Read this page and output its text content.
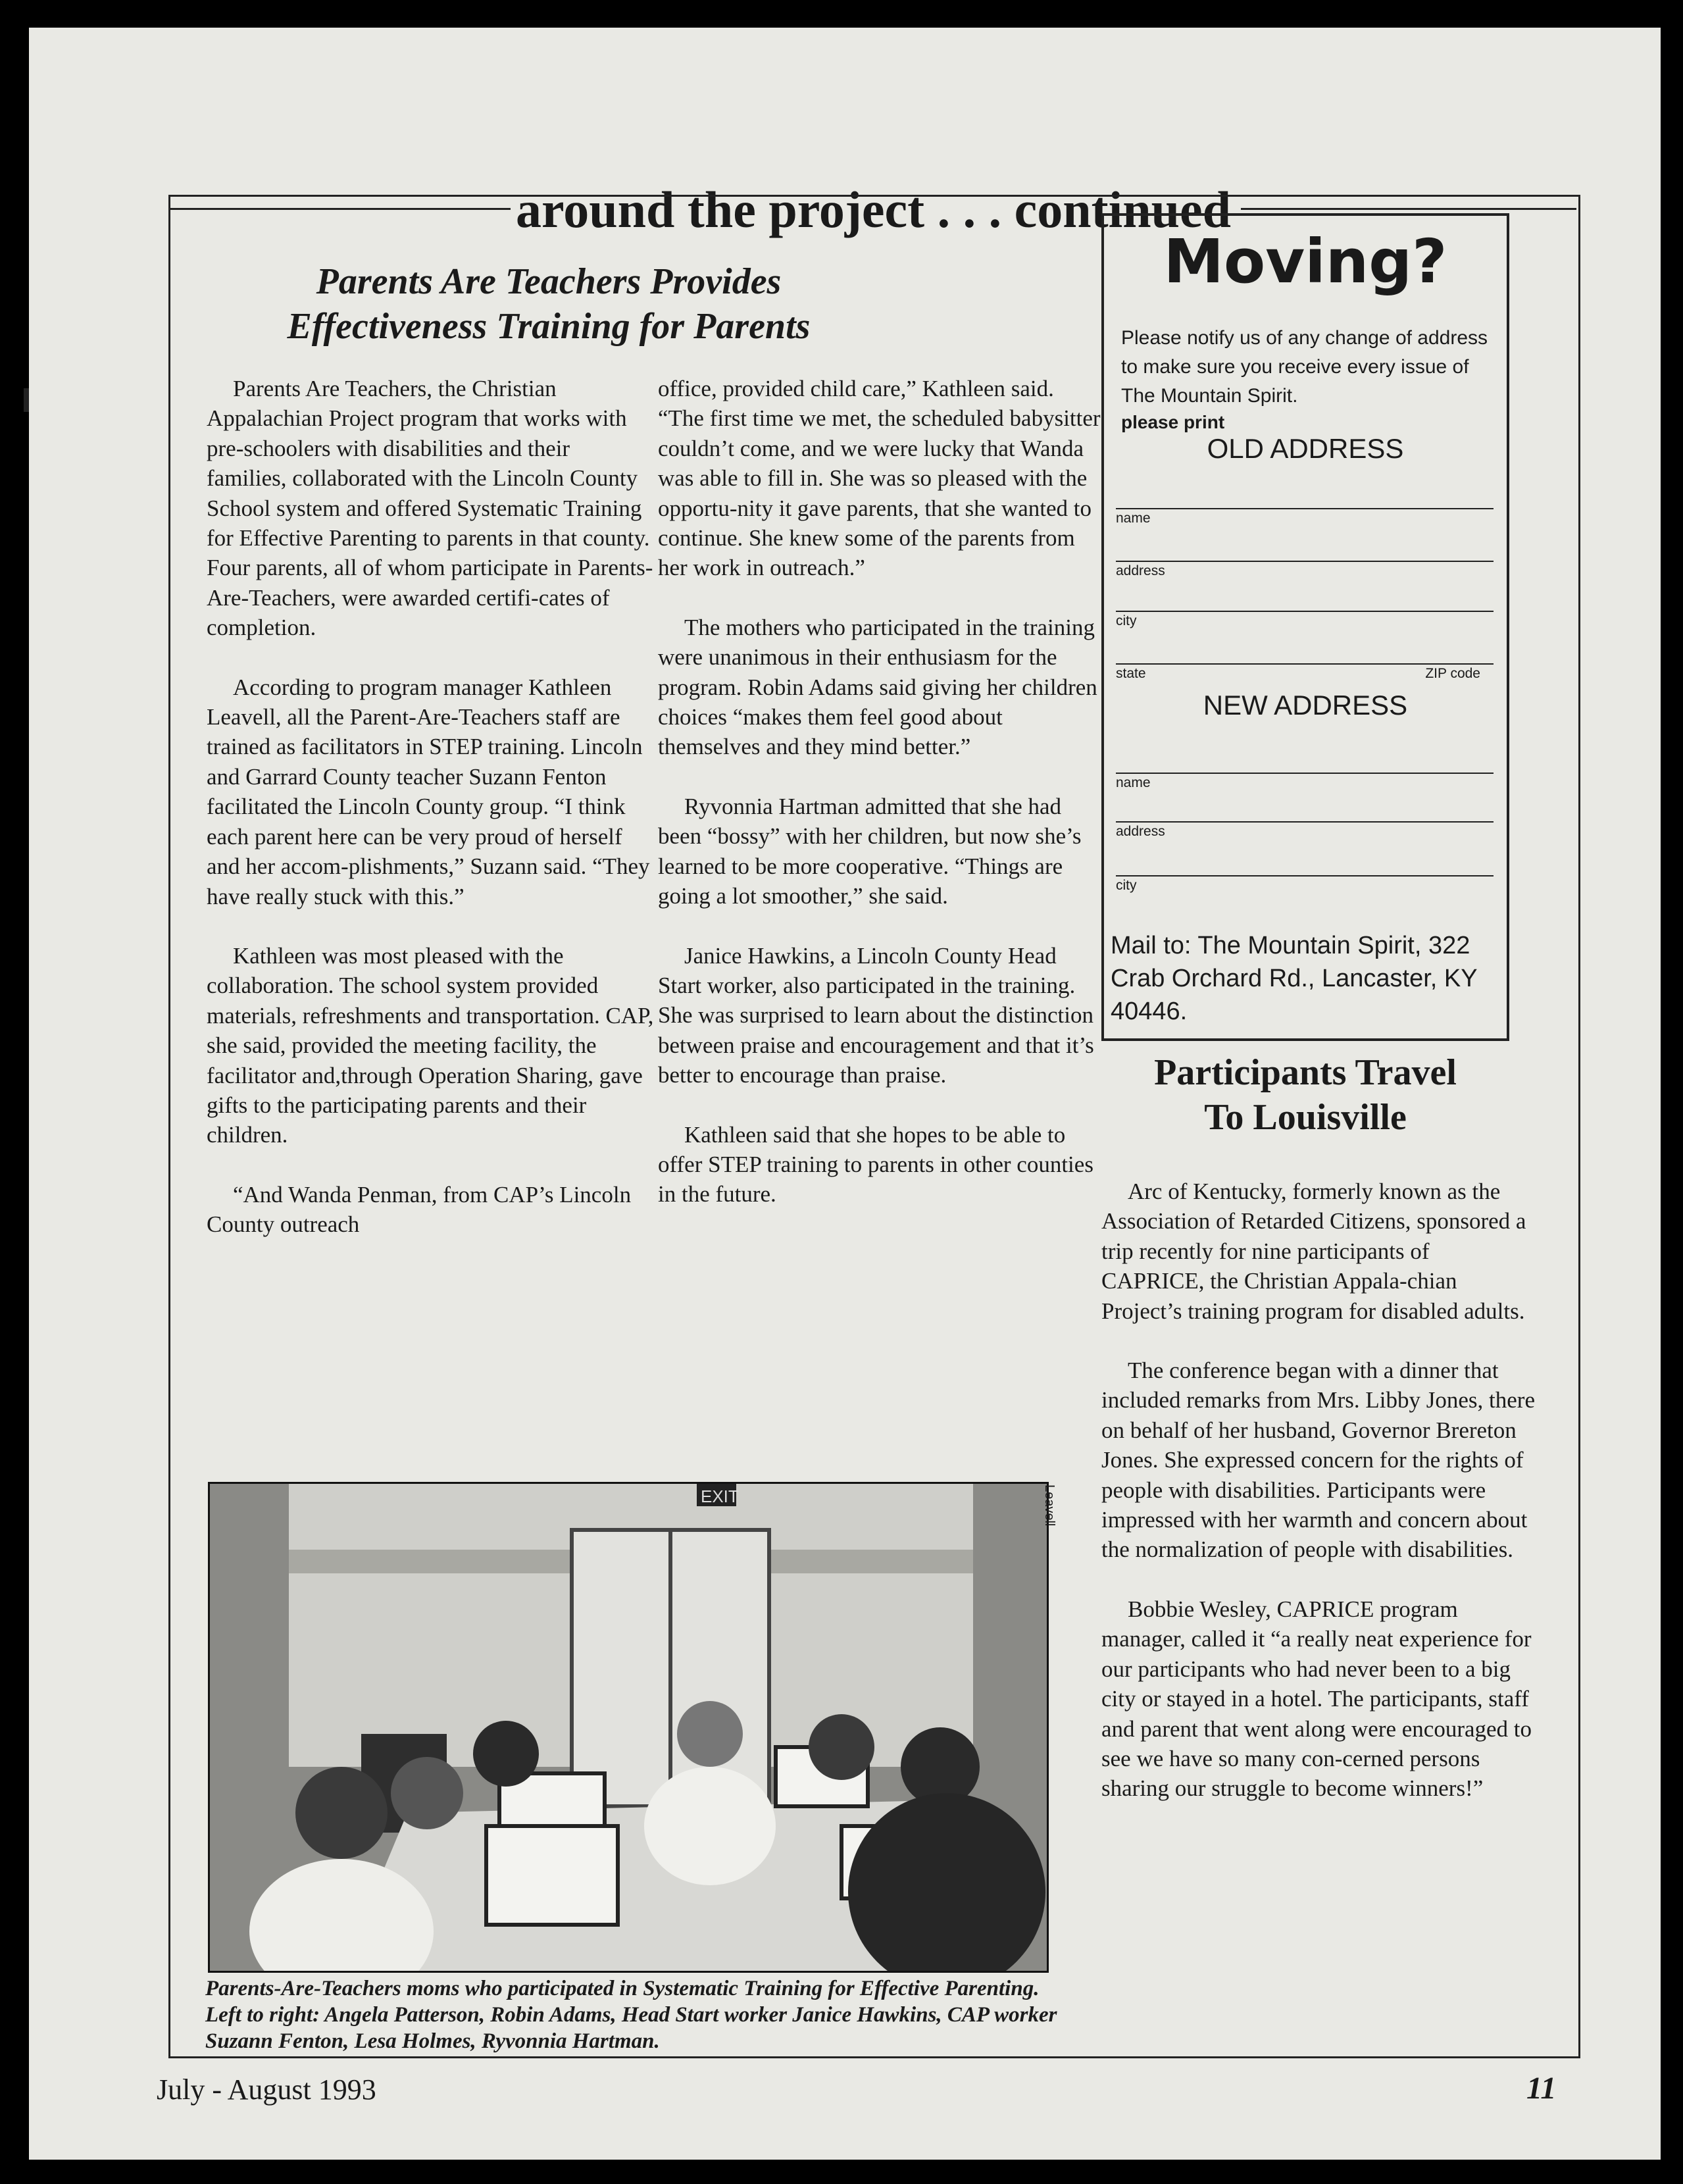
around the project . . . continued
Parents Are Teachers Provides
Effectiveness Training for Parents

Parents Are Teachers, the Christian Appalachian Project program that works with pre-schoolers with disabilities and their families, collaborated with the Lincoln County School system and offered Systematic Training for Effective Parenting to parents in that county. Four parents, all of whom participate in Parents-Are-Teachers, were awarded certifi-cates of completion.

According to program manager Kathleen Leavell, all the Parent-Are-Teachers staff are trained as facilitators in STEP training. Lincoln and Garrard County teacher Suzann Fenton facilitated the Lincoln County group. “I think each parent here can be very proud of herself and her accom-plishments,” Suzann said. “They have really stuck with this.”

Kathleen was most pleased with the collaboration. The school system provided materials, refreshments and transportation. CAP, she said, provided the meeting facility, the facilitator and,through Operation Sharing, gave gifts to the participating parents and their children.

“And Wanda Penman, from CAP’s Lincoln County outreach

office, provided child care,” Kathleen said. “The first time we met, the scheduled babysitter couldn’t come, and we were lucky that Wanda was able to fill in. She was so pleased with the opportu-nity it gave parents, that she wanted to continue. She knew some of the parents from her work in outreach.”

The mothers who participated in the training were unanimous in their enthusiasm for the program. Robin Adams said giving her children choices “makes them feel good about themselves and they mind better.”

Ryvonnia Hartman admitted that she had been “bossy” with her children, but now she’s learned to be more cooperative. “Things are going a lot smoother,” she said.

Janice Hawkins, a Lincoln County Head Start worker, also participated in the training. She was surprised to learn about the distinction between praise and encouragement and that it’s better to encourage than praise.

Kathleen said that she hopes to be able to offer STEP training to parents in other counties in the future.

Moving?
Please notify us of any change of address to make sure you receive every issue of The Mountain Spirit.
please print
OLD ADDRESS
name
address
city
state	ZIP code
NEW ADDRESS
name
address
city
Mail to: The Mountain Spirit, 322 Crab Orchard Rd., Lancaster, KY 40446.
Participants Travel
To Louisville

Arc of Kentucky, formerly known as the Association of Retarded Citizens, sponsored a trip recently for nine participants of CAPRICE, the Christian Appala-chian Project’s training program for disabled adults.

The conference began with a dinner that included remarks from Mrs. Libby Jones, there on behalf of her husband, Governor Brereton Jones. She expressed concern for the rights of people with disabilities. Participants were impressed with her warmth and concern about the normalization of people with disabilities.

Bobbie Wesley, CAPRICE program manager, called it “a really neat experience for our participants who had never been to a big city or stayed in a hotel. The participants, staff and parent that went along were encouraged to see we have so many con-cerned persons sharing our struggle to become winners!”

EXIT	Leavell
Parents-Are-Teachers moms who participated in Systematic Training for Effective Parenting. Left to right: Angela Patterson, Robin Adams, Head Start worker Janice Hawkins, CAP worker Suzann Fenton, Lesa Holmes, Ryvonnia Hartman.
July - August 1993	11
